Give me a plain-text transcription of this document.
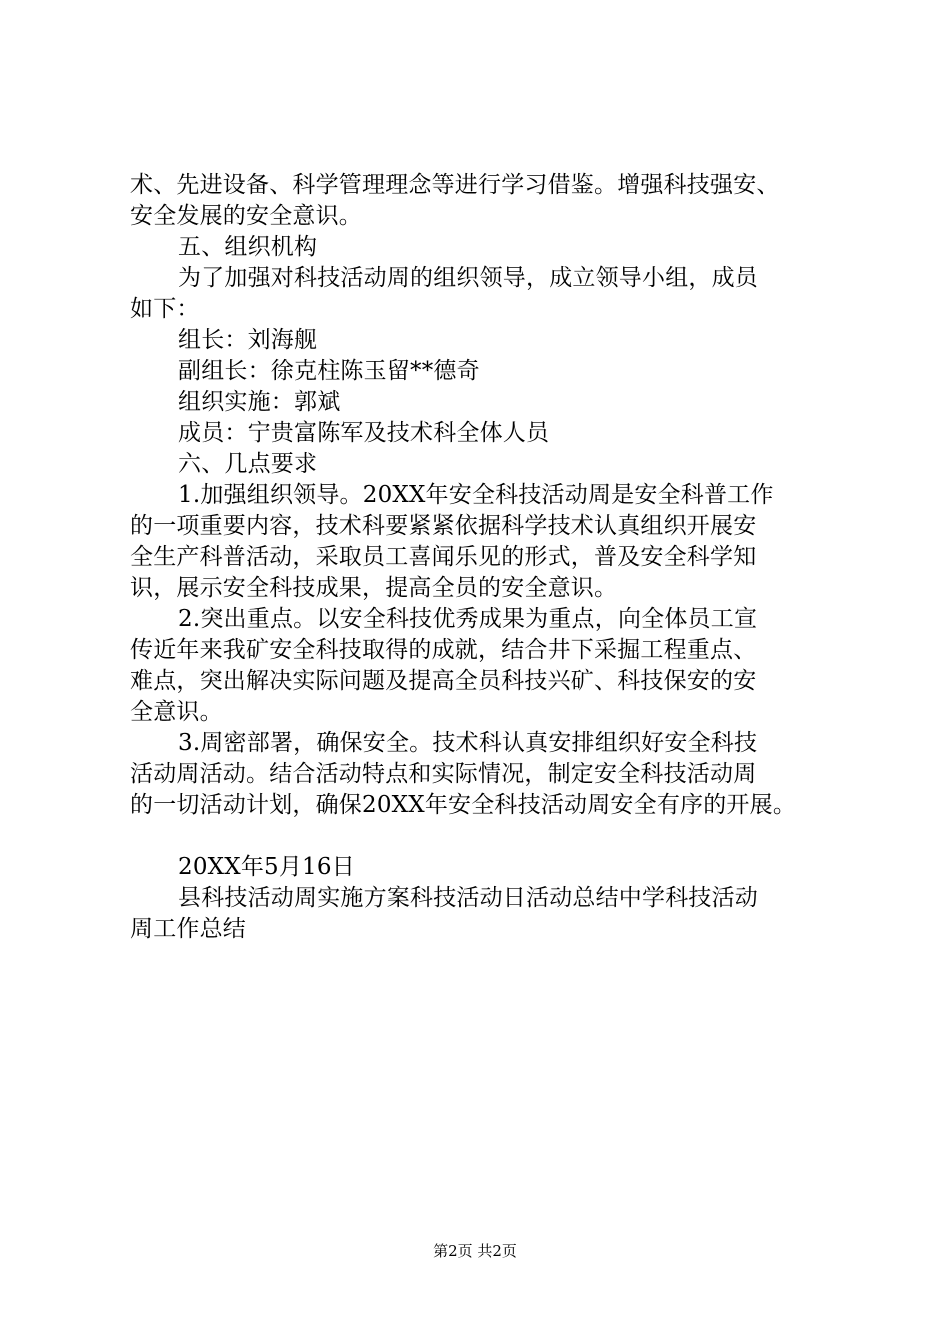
术、先进设备、科学管理理念等进行学习借鉴。增强科技强安、
安全发展的安全意识。
五、组织机构
为了加强对科技活动周的组织领导，成立领导小组，成员
如下：
组长：刘海舰
副组长：徐克柱陈玉留**德奇
组织实施：郭斌
成员：宁贵富陈军及技术科全体人员
六、几点要求
1.加强组织领导。20XX年安全科技活动周是安全科普工作
的一项重要内容，技术科要紧紧依据科学技术认真组织开展安
全生产科普活动，采取员工喜闻乐见的形式，普及安全科学知
识，展示安全科技成果，提高全员的安全意识。
2.突出重点。以安全科技优秀成果为重点，向全体员工宣
传近年来我矿安全科技取得的成就，结合井下采掘工程重点、
难点，突出解决实际问题及提高全员科技兴矿、科技保安的安
全意识。
3.周密部署，确保安全。技术科认真安排组织好安全科技
活动周活动。结合活动特点和实际情况，制定安全科技活动周
的一切活动计划，确保20XX年安全科技活动周安全有序的开展。
20XX年5月16日
县科技活动周实施方案科技活动日活动总结中学科技活动
周工作总结
第2页 共2页
